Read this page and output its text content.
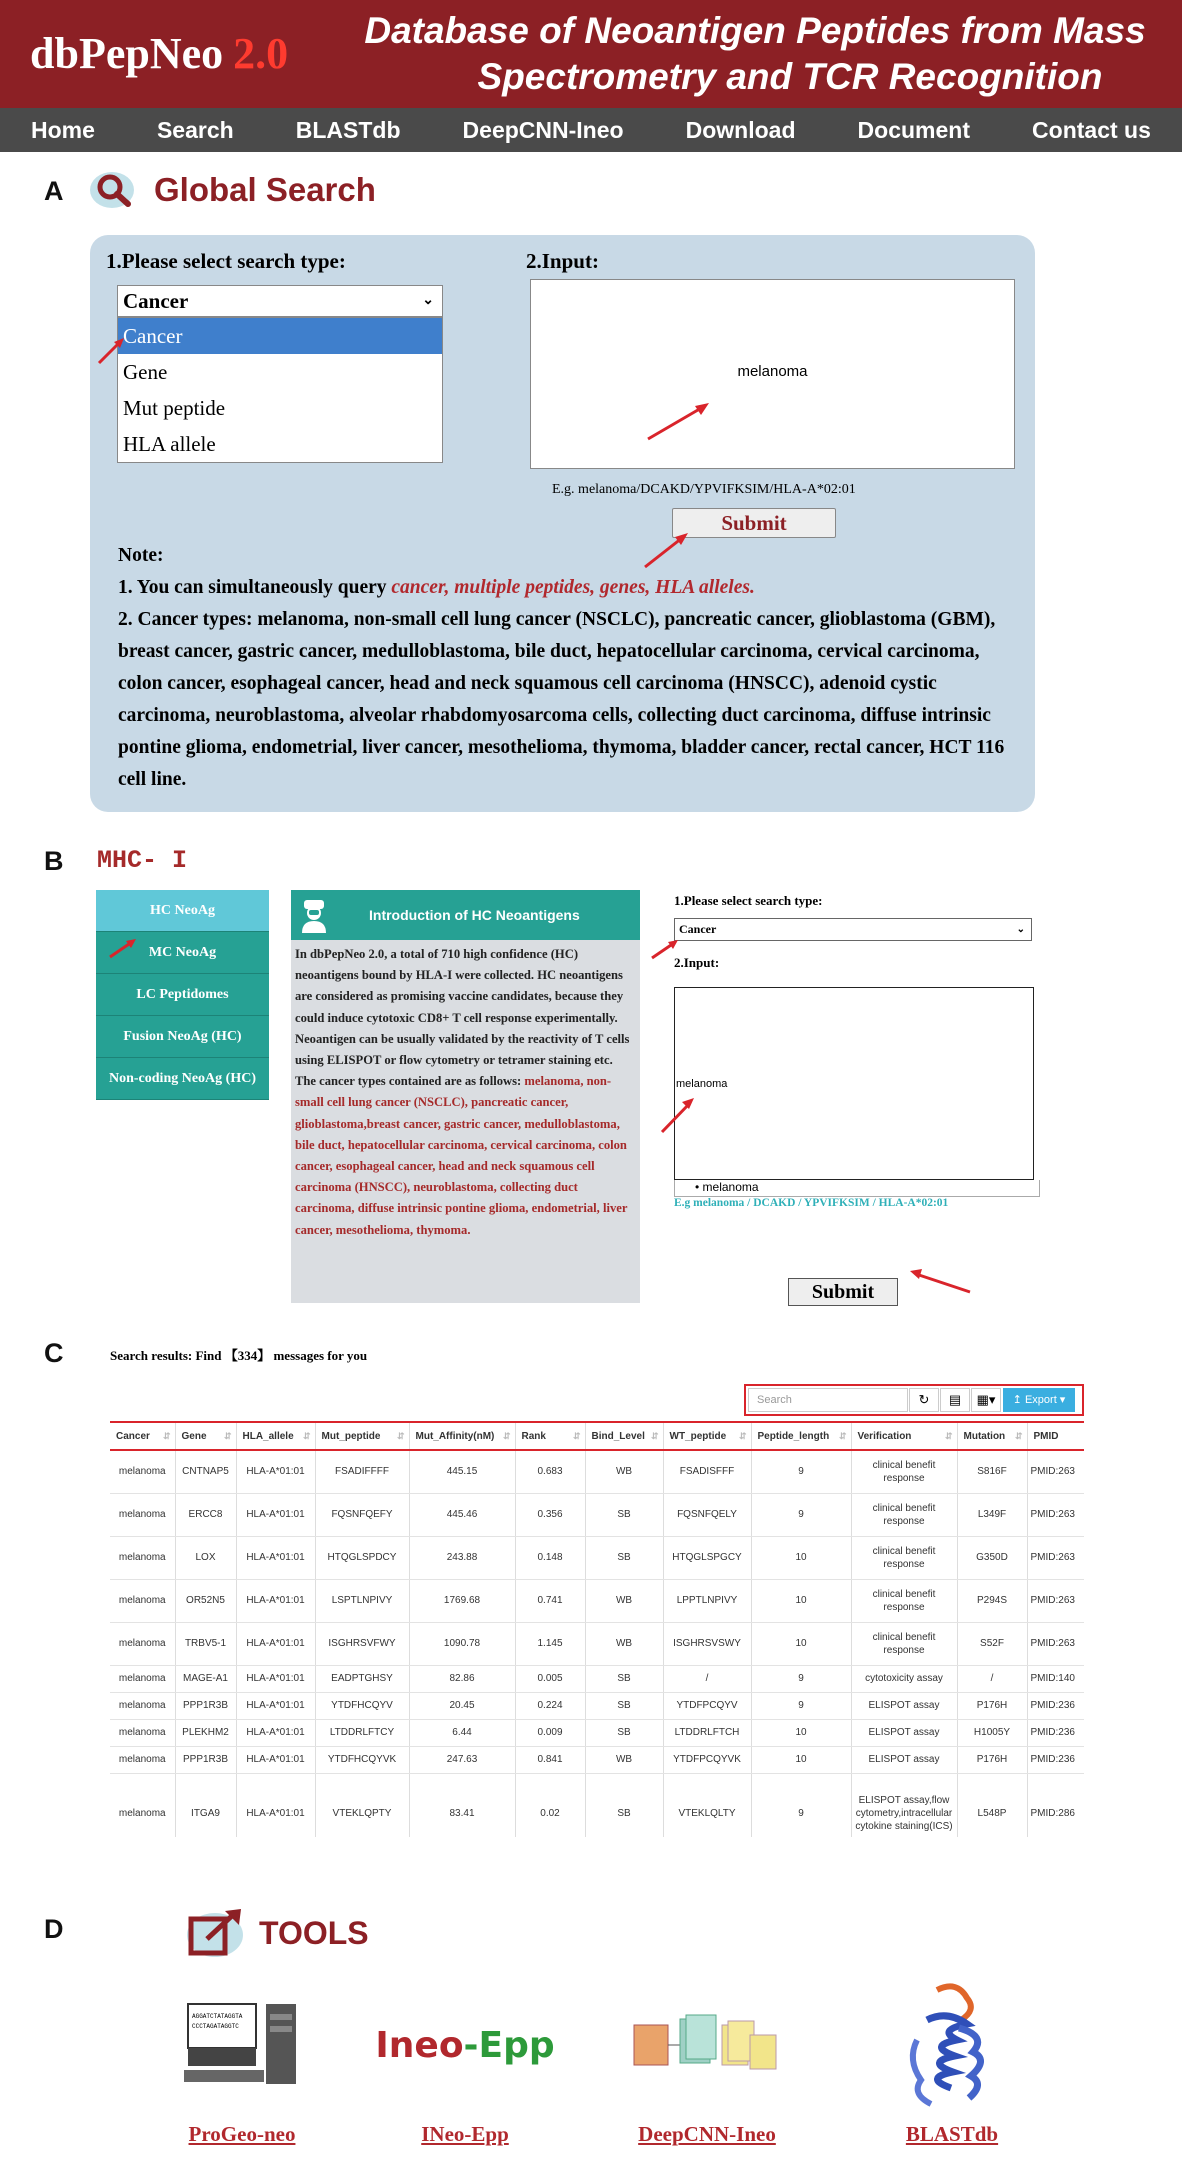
dbPepNeo 2.0	Database of Neoantigen Peptides from Mass
Spectrometry and TCR Recognition
Home	Search	BLASTdb	DeepCNN-Ineo	Download	Document	Contact us
A	Global Search
1.Please select search type:	2.Input:
Cancer	⌄
Cancer
Gene
Mut peptide
HLA allele
melanoma
E.g. melanoma/DCAKD/YPVIFKSIM/HLA-A*02:01
Submit
Note:
1. You can simultaneously query cancer, multiple peptides, genes, HLA alleles.
2. Cancer types: melanoma, non-small cell lung cancer (NSCLC), pancreatic cancer, glioblastoma (GBM), breast cancer, gastric cancer, medulloblastoma, bile duct, hepatocellular carcinoma, cervical carcinoma, colon cancer, esophageal cancer, head and neck squamous cell carcinoma (HNSCC), adenoid cystic carcinoma, neuroblastoma, alveolar rhabdomyosarcoma cells, collecting duct carcinoma, diffuse intrinsic pontine glioma, endometrial, liver cancer, mesothelioma, thymoma, bladder cancer, rectal cancer, HCT 116 cell line.
B MHC- I
HC NeoAg
MC NeoAg
LC Peptidomes
Fusion NeoAg (HC)
Non-coding NeoAg (HC)
Introduction of HC Neoantigens
In dbPepNeo 2.0, a total of 710 high confidence (HC) neoantigens bound by HLA-I were collected. HC neoantigens are considered as promising vaccine candidates, because they could induce cytotoxic CD8+ T cell response experimentally. Neoantigen can be usually validated by the reactivity of T cells using ELISPOT or flow cytometry or tetramer staining etc. The cancer types contained are as follows: melanoma, non-small cell lung cancer (NSCLC), pancreatic cancer, glioblastoma,breast cancer, gastric cancer, medulloblastoma, bile duct, hepatocellular carcinoma, cervical carcinoma, colon cancer, esophageal cancer, head and neck squamous cell carcinoma (HNSCC), neuroblastoma, collecting duct carcinoma, diffuse intrinsic pontine glioma, endometrial, liver cancer, mesothelioma, thymoma.
1.Please select search type:
Cancer	⌄
2.Input:
melanoma
• melanoma
E.g melanoma / DCAKD / YPVIFKSIM / HLA-A*02:01
Submit
C	Search results: Find 【334】 messages for you
Search	↻	▤	▦▾	↥ Export ▾
Cancer ⇵	Gene ⇵	HLA_allele ⇵	Mut_peptide ⇵	Mut_Affinity(nM) ⇵	Rank ⇵	Bind_Level ⇵	WT_peptide ⇵	Peptide_length ⇵	Verification ⇵	Mutation ⇵	PMID
melanoma	CNTNAP5	HLA-A*01:01	FSADIFFFF	445.15	0.683	WB	FSADISFFF	9	clinical benefit response	S816F	PMID:263
melanoma	ERCC8	HLA-A*01:01	FQSNFQEFY	445.46	0.356	SB	FQSNFQELY	9	clinical benefit response	L349F	PMID:263
melanoma	LOX	HLA-A*01:01	HTQGLSPDCY	243.88	0.148	SB	HTQGLSPGCY	10	clinical benefit response	G350D	PMID:263
melanoma	OR52N5	HLA-A*01:01	LSPTLNPIVY	1769.68	0.741	WB	LPPTLNPIVY	10	clinical benefit response	P294S	PMID:263
melanoma	TRBV5-1	HLA-A*01:01	ISGHRSVFWY	1090.78	1.145	WB	ISGHRSVSWY	10	clinical benefit response	S52F	PMID:263
melanoma	MAGE-A1	HLA-A*01:01	EADPTGHSY	82.86	0.005	SB	/	9	cytotoxicity assay	/	PMID:140
melanoma	PPP1R3B	HLA-A*01:01	YTDFHCQYV	20.45	0.224	SB	YTDFPCQYV	9	ELISPOT assay	P176H	PMID:236
melanoma	PLEKHM2	HLA-A*01:01	LTDDRLFTCY	6.44	0.009	SB	LTDDRLFTCH	10	ELISPOT assay	H1005Y	PMID:236
melanoma	PPP1R3B	HLA-A*01:01	YTDFHCQYVK	247.63	0.841	WB	YTDFPCQYVK	10	ELISPOT assay	P176H	PMID:236
melanoma	ITGA9	HLA-A*01:01	VTEKLQPTY	83.41	0.02	SB	VTEKLQLTY	9	ELISPOT assay,flow cytometry,intracellular cytokine staining(ICS)	L548P	PMID:286
D	TOOLS
AGGATCTATAGGTA
CCCTAGATAGGTC
ProGeo-neo
Ineo-Epp
INeo-Epp	DeepCNN-Ineo	BLASTdb
